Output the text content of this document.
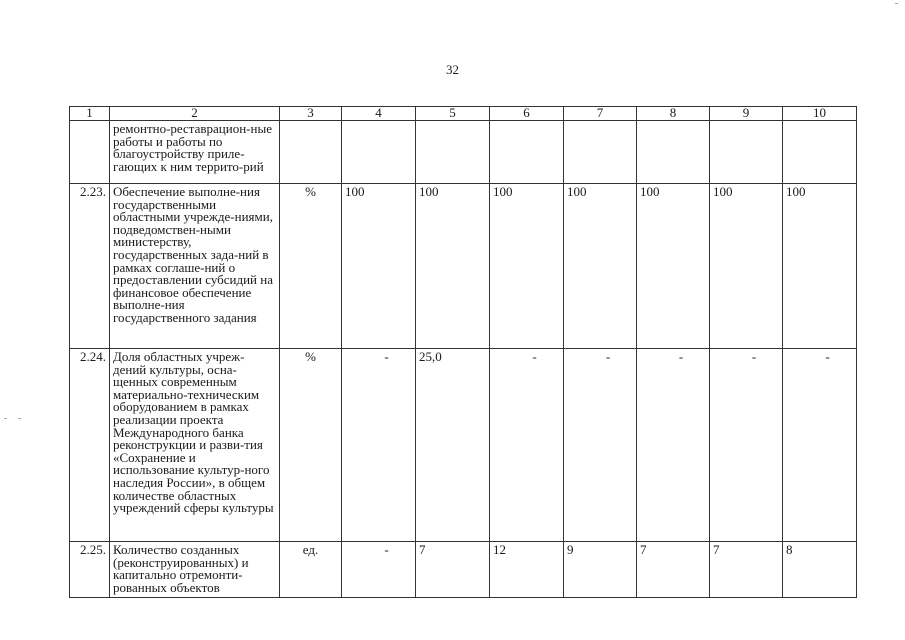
32
1	2	3	4	5	6	7	8	9	10
	ремонтно-реставрацион-ные работы и работы по благоустройству приле-гающих к ним террито-рий								
2.23.	Обеспечение выполне-ния государственными областными учрежде-ниями, подведомствен-ными министерству, государственных зада-ний в рамках соглаше-ний о предоставлении субсидий на финансовое обеспечение выполне-ния государственного задания	%	100	100	100	100	100	100	100
2.24.	Доля областных учреж-дений культуры, осна-щенных современным материально-техническим оборудованием в рамках реализации проекта Международного банка реконструкции и разви-тия «Сохранение и использование культур-ного наследия России», в общем количестве областных учреждений сферы культуры	%	-	25,0	-	-	-	-	-
2.25.	Количество созданных (реконструированных) и капитально отремонти-рованных объектов	ед.	-	7	12	9	7	7	8
